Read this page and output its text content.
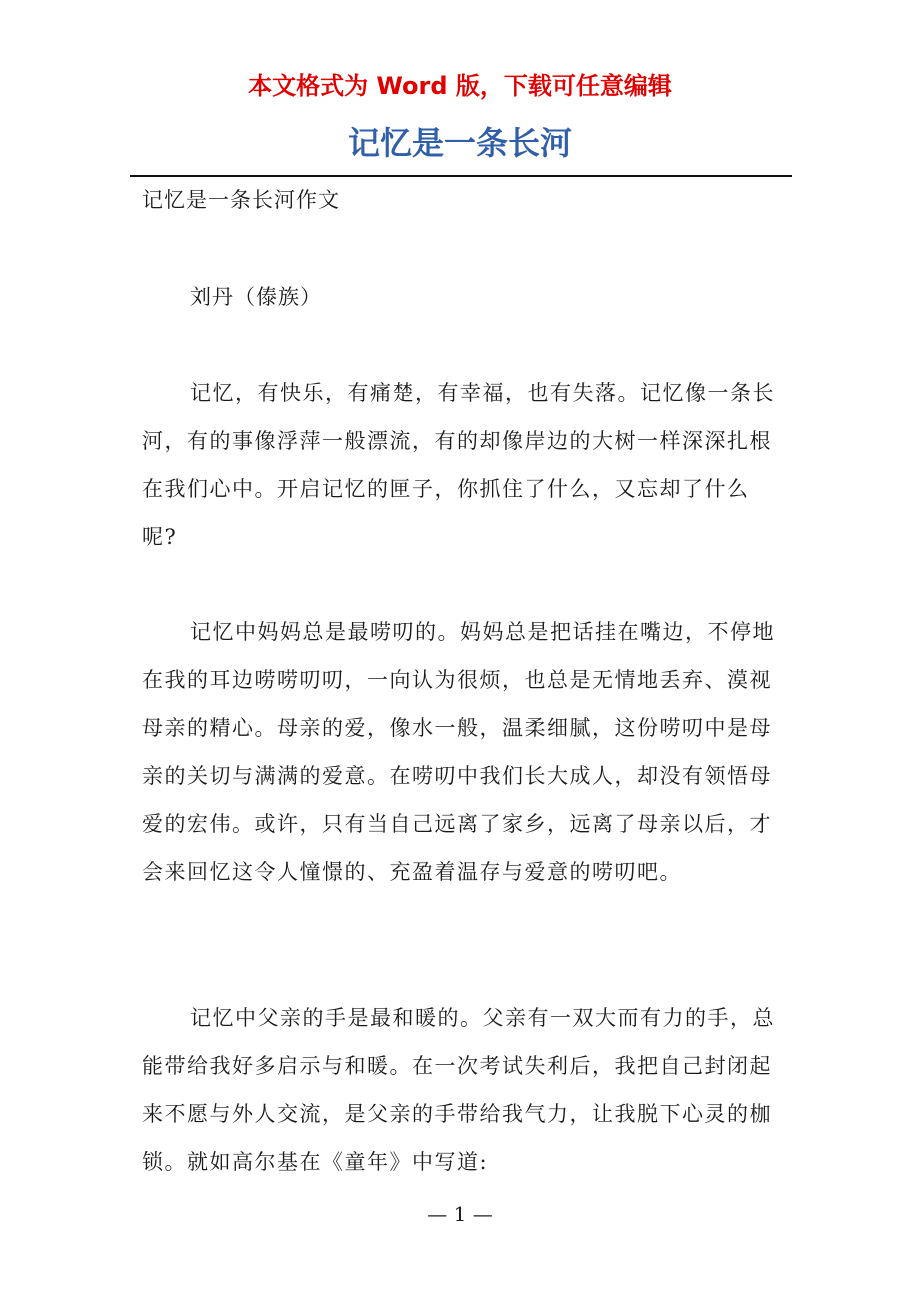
本文格式为 Word 版，下载可任意编辑
记忆是一条长河
记忆是一条长河作文
刘丹（傣族）

记忆，有快乐，有痛楚，有幸福，也有失落。记忆像一条长河，有的事像浮萍一般漂流，有的却像岸边的大树一样深深扎根在我们心中。开启记忆的匣子，你抓住了什么，又忘却了什么呢?

记忆中妈妈总是最唠叨的。妈妈总是把话挂在嘴边，不停地在我的耳边唠唠叨叨，一向认为很烦，也总是无情地丢弃、漠视母亲的精心。母亲的爱，像水一般，温柔细腻，这份唠叨中是母亲的关切与满满的爱意。在唠叨中我们长大成人，却没有领悟母爱的宏伟。或许，只有当自己远离了家乡，远离了母亲以后，才会来回忆这令人憧憬的、充盈着温存与爱意的唠叨吧。

记忆中父亲的手是最和暖的。父亲有一双大而有力的手，总能带给我好多启示与和暖。在一次考试失利后，我把自己封闭起来不愿与外人交流，是父亲的手带给我气力，让我脱下心灵的枷锁。就如高尔基在《童年》中写道:

— 1 —
